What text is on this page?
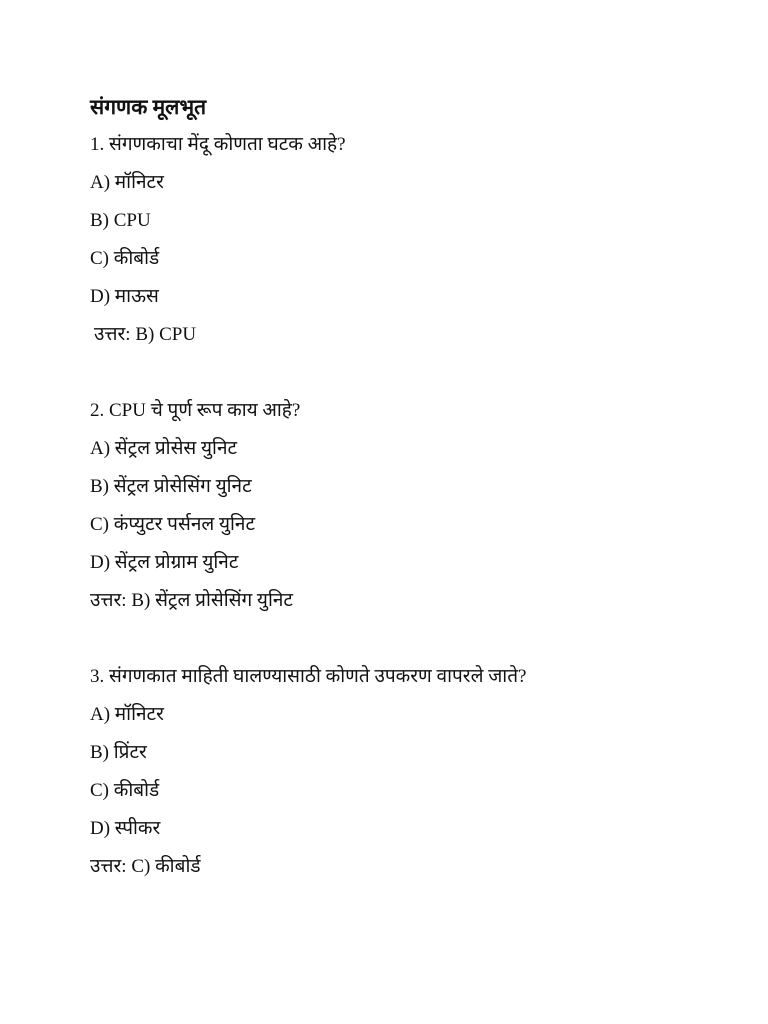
संगणक मूलभूत
1. संगणकाचा मेंदू कोणता घटक आहे?
A) मॉनिटर
B) CPU
C) कीबोर्ड
D) माऊस
उत्तर: B) CPU
2. CPU चे पूर्ण रूप काय आहे?
A) सेंट्रल प्रोसेस युनिट
B) सेंट्रल प्रोसेसिंग युनिट
C) कंप्युटर पर्सनल युनिट
D) सेंट्रल प्रोग्राम युनिट
उत्तर: B) सेंट्रल प्रोसेसिंग युनिट
3. संगणकात माहिती घालण्यासाठी कोणते उपकरण वापरले जाते?
A) मॉनिटर
B) प्रिंटर
C) कीबोर्ड
D) स्पीकर
उत्तर: C) कीबोर्ड
